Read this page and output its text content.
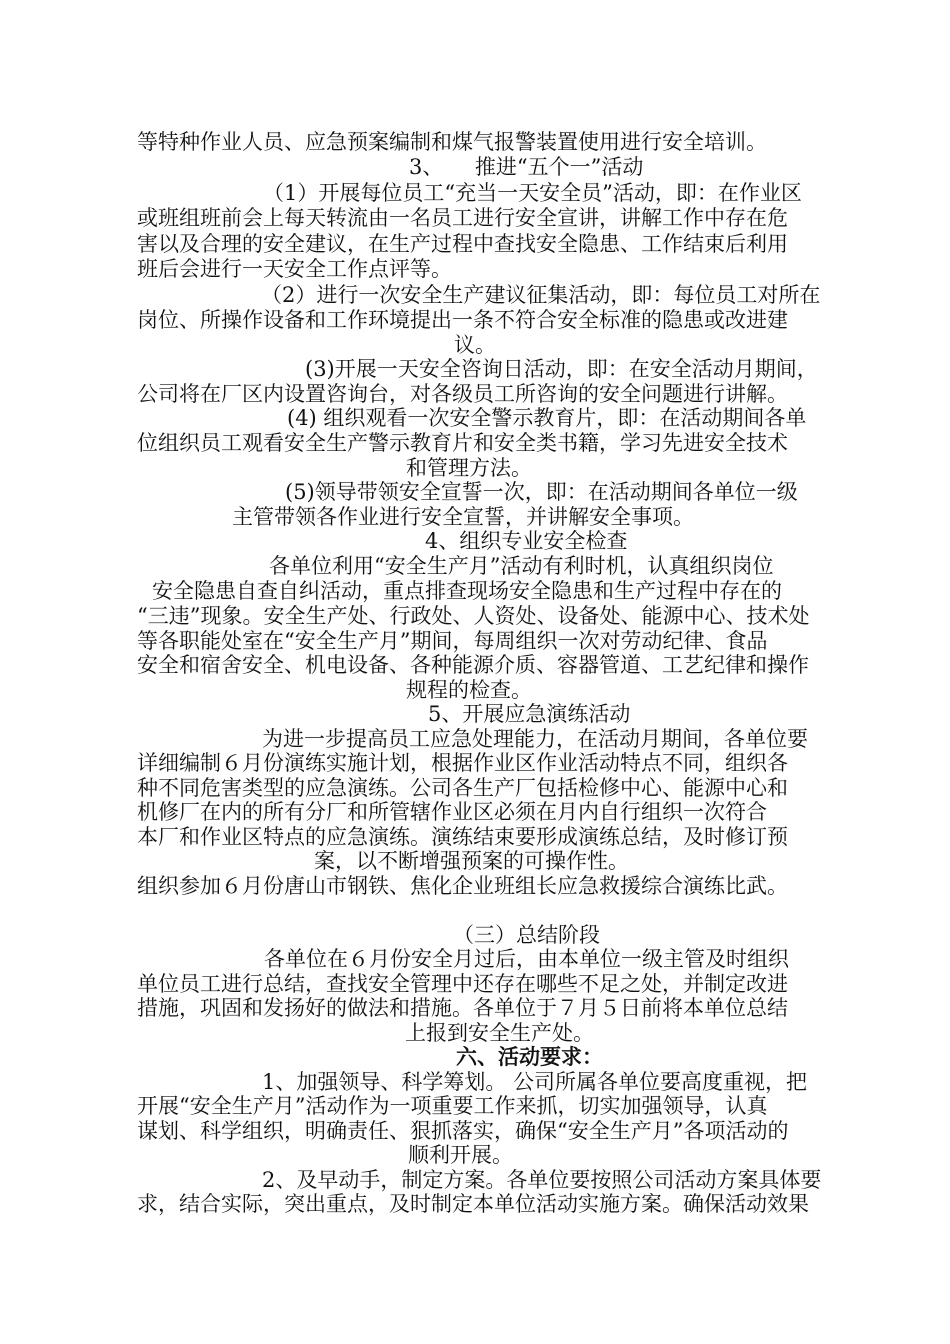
等特种作业人员、应急预案编制和煤气报警装置使用进行安全培训。
3、　　推进“五个一”活动
（1）开展每位员工“充当一天安全员”活动，即：在作业区
或班组班前会上每天转流由一名员工进行安全宣讲，讲解工作中存在危
害以及合理的安全建议，在生产过程中查找安全隐患、工作结束后利用
班后会进行一天安全工作点评等。
（2）进行一次安全生产建议征集活动，即：每位员工对所在
岗位、所操作设备和工作环境提出一条不符合安全标准的隐患或改进建
议。
(3)开展一天安全咨询日活动，即：在安全活动月期间，
公司将在厂区内设置咨询台，对各级员工所咨询的安全问题进行讲解。
(4) 组织观看一次安全警示教育片，即：在活动期间各单
位组织员工观看安全生产警示教育片和安全类书籍，学习先进安全技术
和管理方法。
(5)领导带领安全宣誓一次，即：在活动期间各单位一级
主管带领各作业进行安全宣誓，并讲解安全事项。
4、组织专业安全检查
各单位利用“安全生产月”活动有利时机，认真组织岗位
安全隐患自查自纠活动，重点排查现场安全隐患和生产过程中存在的
“三违”现象。安全生产处、行政处、人资处、设备处、能源中心、技术处
等各职能处室在“安全生产月”期间，每周组织一次对劳动纪律、食品
安全和宿舍安全、机电设备、各种能源介质、容器管道、工艺纪律和操作
规程的检查。
5、开展应急演练活动
为进一步提高员工应急处理能力，在活动月期间，各单位要
详细编制６月份演练实施计划，根据作业区作业活动特点不同，组织各
种不同危害类型的应急演练。公司各生产厂包括检修中心、能源中心和
机修厂在内的所有分厂和所管辖作业区必须在月内自行组织一次符合
本厂和作业区特点的应急演练。演练结束要形成演练总结，及时修订预
案，以不断增强预案的可操作性。
组织参加６月份唐山市钢铁、焦化企业班组长应急救援综合演练比武。
（三）总结阶段
各单位在６月份安全月过后，由本单位一级主管及时组织
单位员工进行总结，查找安全管理中还存在哪些不足之处，并制定改进
措施，巩固和发扬好的做法和措施。各单位于７月５日前将本单位总结
上报到安全生产处。
六、活动要求：
1、加强领导、科学筹划。 公司所属各单位要高度重视，把
开展“安全生产月”活动作为一项重要工作来抓，切实加强领导，认真
谋划、科学组织，明确责任、狠抓落实，确保“安全生产月”各项活动的
顺利开展。
2、及早动手，制定方案。各单位要按照公司活动方案具体要
求，结合实际，突出重点，及时制定本单位活动实施方案。确保活动效果
